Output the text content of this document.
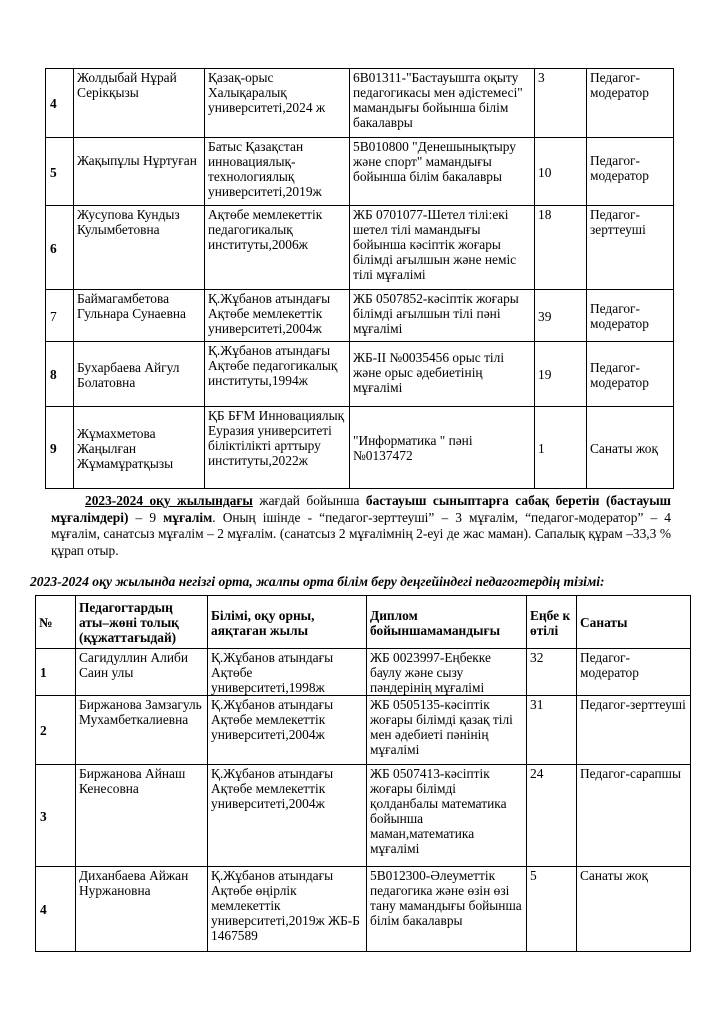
4	Жолдыбай Нұрай Серікқызы	Қазақ-орыс Халықаралық университеті,2024 ж	6В01311-"Бастауышта оқыту педагогикасы мен әдістемесі" мамандығы бойынша білім бакалавры	3	Педагог-модератор
5	Жақыпұлы Нұртуған	Батыс Қазақстан инновациялық-технологиялық университеті,2019ж	5В010800 "Денешынықтыру және спорт" мамандығы бойынша білім бакалавры	10	Педагог-модератор
6	Жусупова Кундыз Кулымбетовна	Ақтөбе мемлекеттік педагогикалық институты,2006ж	ЖБ 0701077-Шетел тілі:екі шетел тілі мамандығы бойынша кәсіптік жоғары білімді ағылшын және неміс тілі мұғалімі	18	Педагог-зерттеуші
7	Баймагамбетова Гульнара Сунаевна	Қ.Жұбанов атындағы Ақтөбе мемлекеттік университеті,2004ж	ЖБ 0507852-кәсіптік жоғары білімді ағылшын тілі пәні мұғалімі	39	Педагог-модератор
8	Бухарбаева Айгул Болатовна	Қ.Жұбанов атындағы Ақтөбе педагогикалық институты,1994ж	ЖБ-ІІ №0035456 орыс тілі және орыс әдебиетінің мұғалімі	19	Педагог-модератор
9	Жұмахметова Жаңылған Жұмамұратқызы	ҚБ БҒМ Инновациялық Еуразия университеті біліктілікті арттыру институты,2022ж	"Информатика " пәні №0137472	1	Санаты жоқ

2023-2024 оқу жылындағы жағдай бойынша бастауыш сыныптарға сабақ беретін (бастауыш мұғалімдері) – 9 мұғалім. Оның ішінде - “педагог-зерттеуші” – 3 мұғалім, “педагог-модератор” – 4 мұғалім, санатсыз мұғалім – 2 мұғалім. (санатсыз 2 мұғалімнің 2-еуі де жас маман). Сапалық құрам –33,3 % құрап отыр.

2023-2024 оқу жылында негізгі орта, жалпы орта білім беру деңгейіндегі педагогтердің тізімі:
№	Педагогтардың аты–жөні толық (құжаттағыдай)	Білімі, оқу орны, аяқтаған жылы	Диплом бойыншамамандығы	Еңбе к өтілі	Санаты
1	Сагидуллин Алиби Саин улы	Қ.Жұбанов атындағы Ақтөбе университеті,1998ж	ЖБ 0023997-Еңбекке баулу және сызу пәндерінің мұғалімі	32	Педагог-модератор
2	Биржанова Замзагуль Мухамбеткалиевна	Қ.Жұбанов атындағы Ақтөбе мемлекеттік университеті,2004ж	ЖБ 0505135-кәсіптік жоғары білімді қазақ тілі мен әдебиеті пәнінің мұғалімі	31	Педагог-зерттеуші
3	Биржанова Айнаш Кенесовна	Қ.Жұбанов атындағы Ақтөбе мемлекеттік университеті,2004ж	ЖБ 0507413-кәсіптік жоғары білімді қолданбалы математика бойынша маман,математика мұғалімі	24	Педагог-сарапшы
4	Диханбаева Айжан Нуржановна	Қ.Жұбанов атындағы Ақтөбе өңірлік мемлекеттік университеті,2019ж ЖБ-Б 1467589	5В012300-Әлеуметтік педагогика және өзін өзі тану мамандығы бойынша білім бакалавры	5	Санаты жоқ
